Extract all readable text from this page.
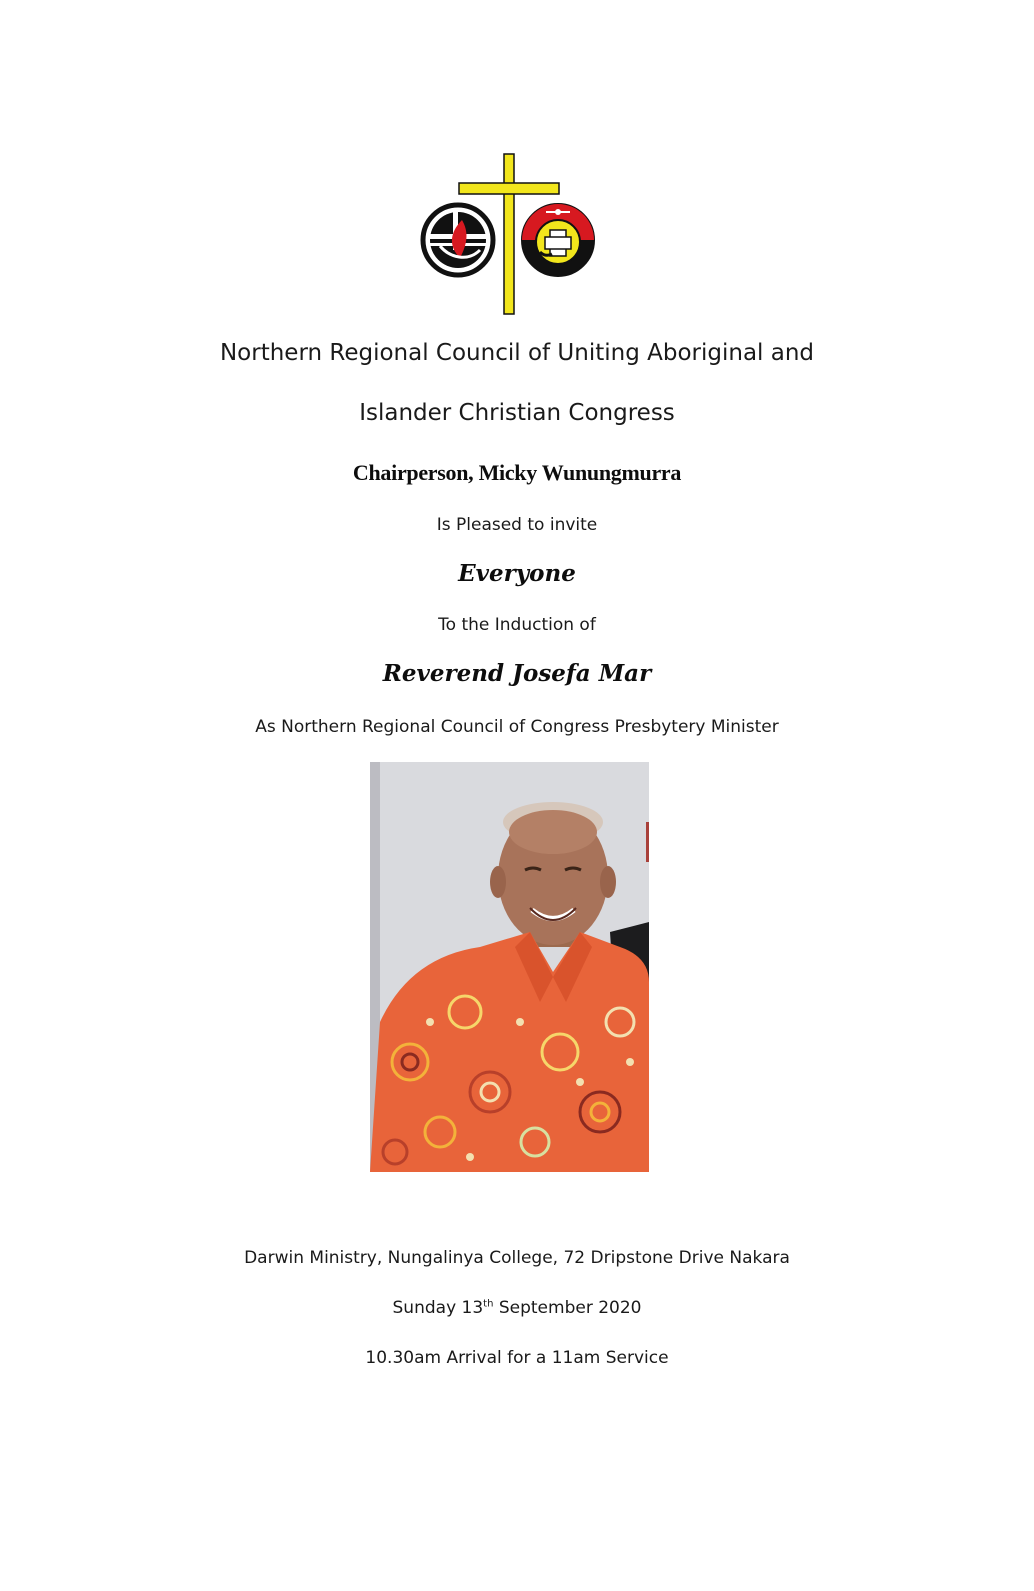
Northern Regional Council of Uniting Aboriginal and
Islander Christian Congress
Chairperson, Micky Wunungmurra
Is Pleased to invite
Everyone
To the Induction of
Reverend Josefa Mar
As Northern Regional Council of Congress Presbytery Minister
Darwin Ministry, Nungalinya College, 72 Dripstone Drive Nakara
Sunday 13th September 2020
10.30am Arrival for a 11am Service
